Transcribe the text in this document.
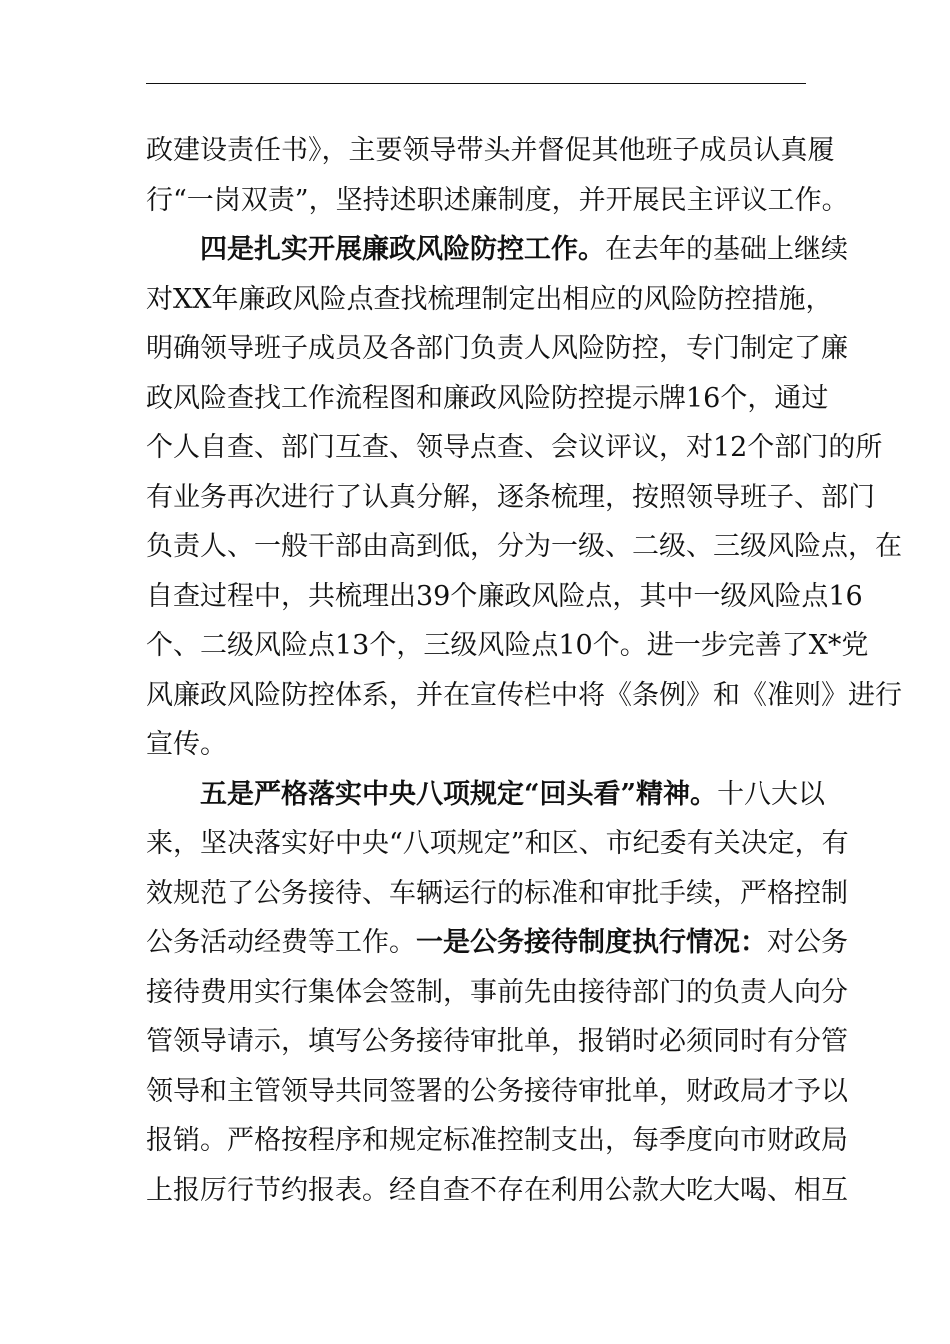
政建设责任书》，主要领导带头并督促其他班子成员认真履
行“一岗双责”，坚持述职述廉制度，并开展民主评议工作。
四是扎实开展廉政风险防控工作。在去年的基础上继续
对XX年廉政风险点查找梳理制定出相应的风险防控措施，
明确领导班子成员及各部门负责人风险防控，专门制定了廉
政风险查找工作流程图和廉政风险防控提示牌16个，通过
个人自查、部门互查、领导点查、会议评议，对12个部门的所
有业务再次进行了认真分解，逐条梳理，按照领导班子、部门
负责人、一般干部由高到低，分为一级、二级、三级风险点，在
自查过程中，共梳理出39个廉政风险点，其中一级风险点16
个、二级风险点13个，三级风险点10个。进一步完善了X*党
风廉政风险防控体系，并在宣传栏中将《条例》和《准则》进行
宣传。
五是严格落实中央八项规定“回头看”精神。十八大以
来，坚决落实好中央“八项规定”和区、市纪委有关决定，有
效规范了公务接待、车辆运行的标准和审批手续，严格控制
公务活动经费等工作。一是公务接待制度执行情况：对公务
接待费用实行集体会签制，事前先由接待部门的负责人向分
管领导请示，填写公务接待审批单，报销时必须同时有分管
领导和主管领导共同签署的公务接待审批单，财政局才予以
报销。严格按程序和规定标准控制支出，每季度向市财政局
上报厉行节约报表。经自查不存在利用公款大吃大喝、相互
